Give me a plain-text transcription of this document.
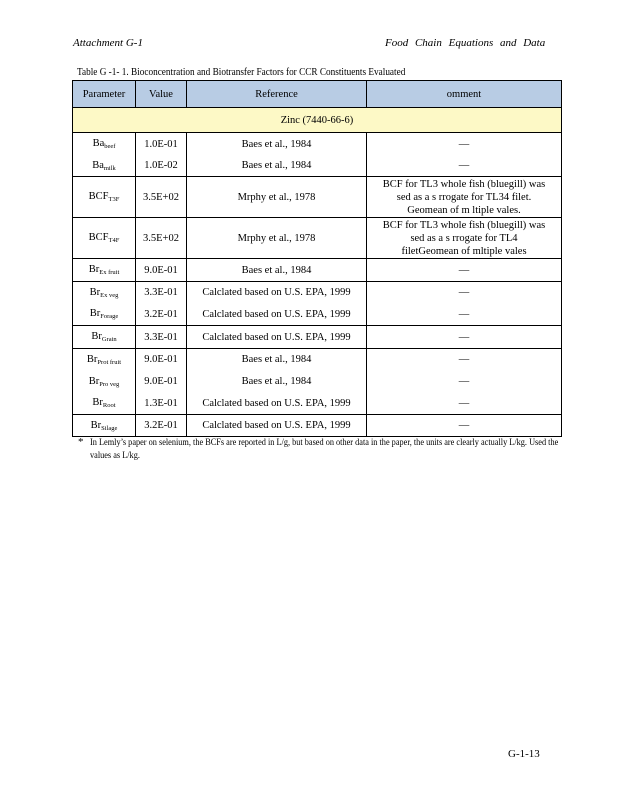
Attachment G-1	Food Chain Equations and Data
Table G -1- 1. Bioconcentration and Biotransfer Factors for CCR Constituents Evaluated
Parameter	Value	Reference	omment
Zinc (7440-66-6)			
$Ba_{beef}$	1.0E-01	Baes et al., 1984	—
$Ba_{milk}$	1.0E-02	Baes et al., 1984	—
$BCF_{T3F}$	3.5E+02	Mrphy et al., 1978	BCF for TL3 whole fish (bluegill) was
sed as a s rrogate for TL34 filet.
Geomean of m ltiple vales.

$BCF_{T4F}$	3.5E+02	Mrphy et al., 1978	BCF for TL3 whole fish (bluegill) was
sed as a s rrogate for TL4
filetGeomean of mltiple vales

$Br_{Ex fruit}$	9.0E-01	Baes et al., 1984	—
$Br_{Ex veg}$	3.3E-01	Calclated based on U.S. EPA, 1999	—
$Br_{Forage}$	3.2E-01	Calclated based on U.S. EPA, 1999	—
$Br_{Grain}$	3.3E-01	Calclated based on U.S. EPA, 1999	—
$Br_{Prot fruit}$	9.0E-01	Baes et al., 1984	—
$Br_{Pro veg}$	9.0E-01	Baes et al., 1984	—
$Br_{Root}$	1.3E-01	Calclated based on U.S. EPA, 1999	—
$Br_{Silage}$	3.2E-01	Calclated based on U.S. EPA, 1999	—
* In Lemly’s paper on selenium, the BCFs are reported in L/g, but based on other data in the paper, the units are clearly actually L/kg. Used the values as L/kg.
G-1-13
